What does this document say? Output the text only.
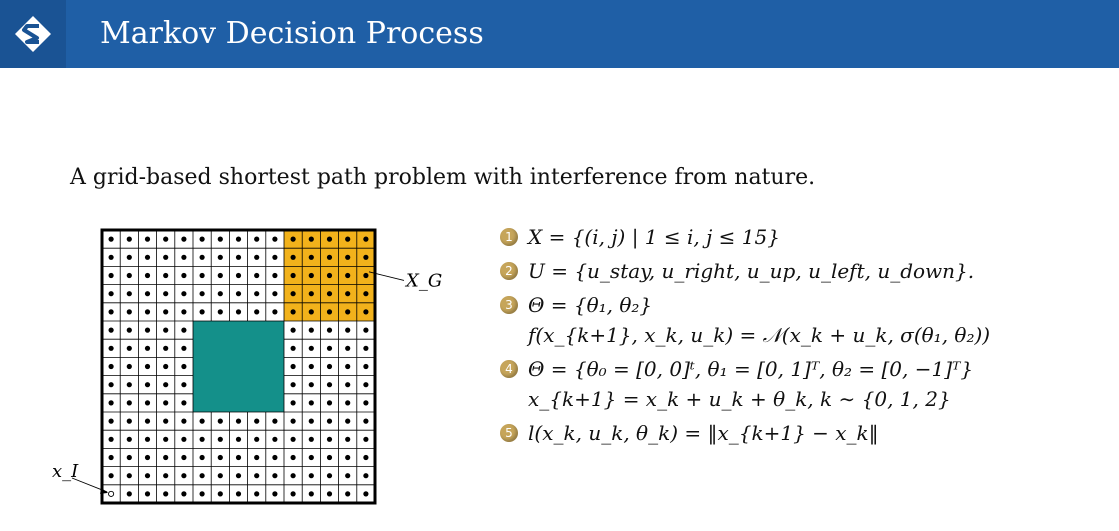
Markov Decision Process
A grid-based shortest path problem with interference from nature.
X_G
x_I
1 X = {(i, j) | 1 ≤ i, j ≤ 15}
2 U = {u_stay, u_right, u_up, u_left, u_down}.
3 Θ = {θ₁, θ₂}
f(x_{k+1}, x_k, u_k) = 𝒩(x_k + u_k, σ(θ₁, θ₂))
4 Θ = {θ₀ = [0, 0]ᵗ, θ₁ = [0, 1]ᵀ, θ₂ = [0, −1]ᵀ}
x_{k+1} = x_k + u_k + θ_k, k ∼ {0, 1, 2}
5 l(x_k, u_k, θ_k) = ‖x_{k+1} − x_k‖
